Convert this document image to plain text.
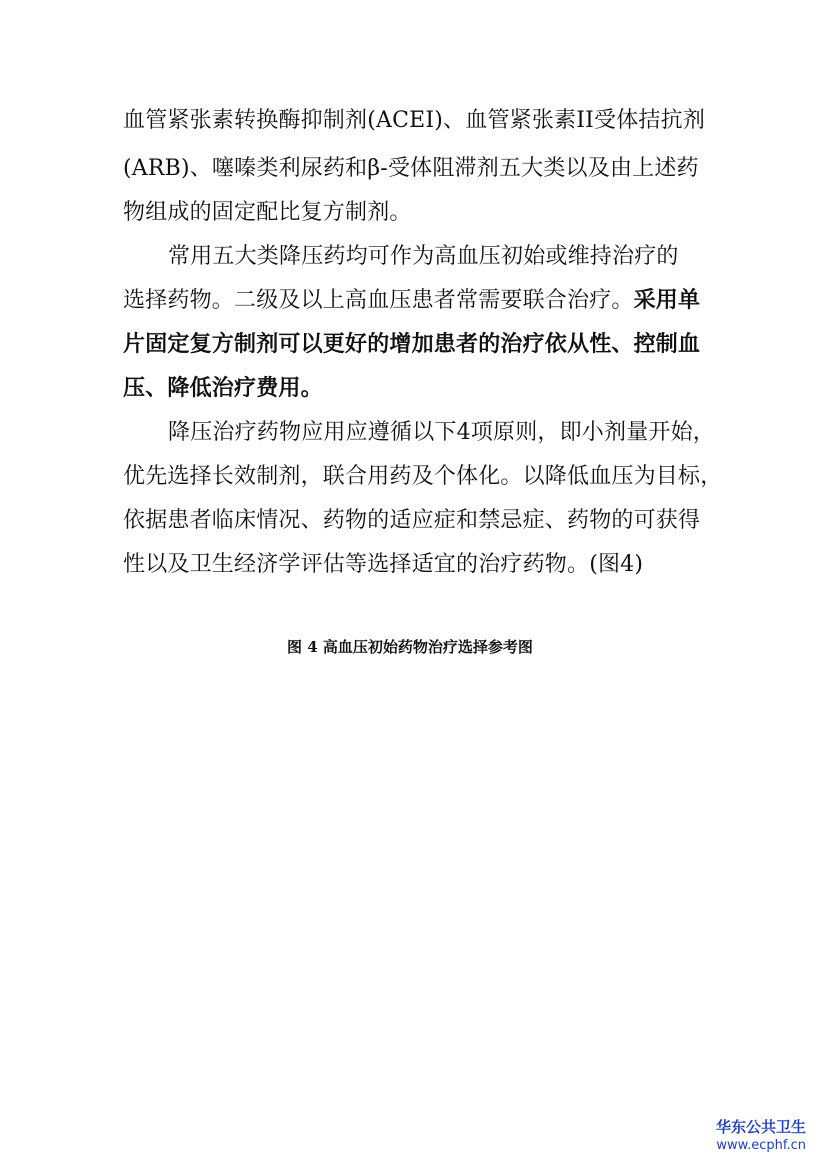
血管紧张素转换酶抑制剂(ACEI)、血管紧张素II受体拮抗剂
(ARB)、噻嗪类利尿药和β-受体阻滞剂五大类以及由上述药
物组成的固定配比复方制剂。
常用五大类降压药均可作为高血压初始或维持治疗的
选择药物。二级及以上高血压患者常需要联合治疗。采用单
片固定复方制剂可以更好的增加患者的治疗依从性、控制血
压、降低治疗费用。
降压治疗药物应用应遵循以下4项原则，即小剂量开始，
优先选择长效制剂，联合用药及个体化。以降低血压为目标，
依据患者临床情况、药物的适应症和禁忌症、药物的可获得
性以及卫生经济学评估等选择适宜的治疗药物。(图4)
图 4 高血压初始药物治疗选择参考图
华东公共卫生
www.ecphf.cn
